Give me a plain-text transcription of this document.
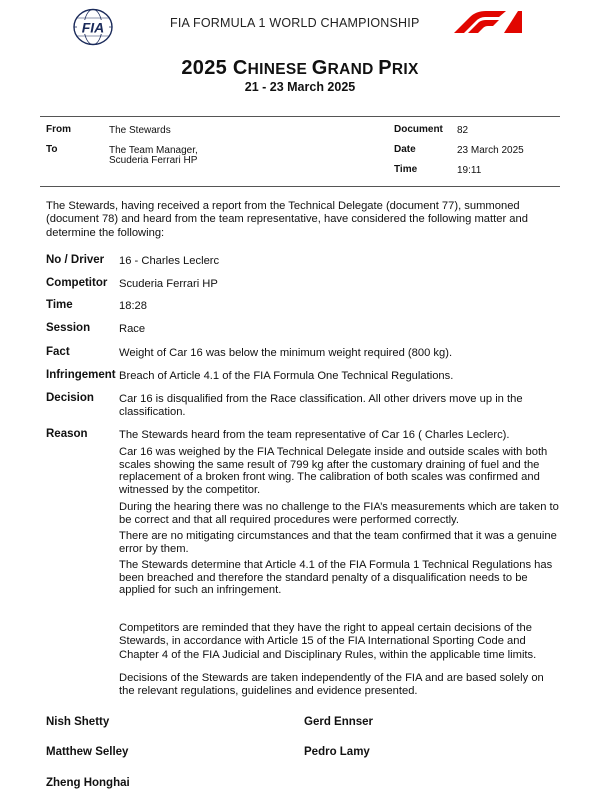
FIA	FIA FORMULA 1 WORLD CHAMPIONSHIP
2025 CHINESE GRAND PRIX
21 - 23 March 2025
From	The Stewards
To	The Team Manager,
Scuderia Ferrari HP
Document 82
Date	23 March 2025
Time	19:11
The Stewards, having received a report from the Technical Delegate (document 77), summoned (document 78) and heard from the team representative, have considered the following matter and determine the following:
No / Driver 16 - Charles Leclerc
Competitor Scuderia Ferrari HP
Time	18:28
Session	Race
Fact	Weight of Car 16 was below the minimum weight required (800 kg).
Infringement Breach of Article 4.1 of the FIA Formula One Technical Regulations.
Decision Car 16 is disqualified from the Race classification. All other drivers move up in the classification.
Reason	The Stewards heard from the team representative of Car 16 ( Charles Leclerc).
Car 16 was weighed by the FIA Technical Delegate inside and outside scales with both scales showing the same result of 799 kg after the customary draining of fuel and the replacement of a broken front wing. The calibration of both scales was confirmed and witnessed by the competitor.
During the hearing there was no challenge to the FIA’s measurements which are taken to be correct and that all required procedures were performed correctly.
There are no mitigating circumstances and that the team confirmed that it was a genuine error by them.
The Stewards determine that Article 4.1 of the FIA Formula 1 Technical Regulations has been breached and therefore the standard penalty of a disqualification needs to be applied for such an infringement.
Competitors are reminded that they have the right to appeal certain decisions of the Stewards, in accordance with Article 15 of the FIA International Sporting Code and Chapter 4 of the FIA Judicial and Disciplinary Rules, within the applicable time limits.
Decisions of the Stewards are taken independently of the FIA and are based solely on the relevant regulations, guidelines and evidence presented.
Nish Shetty	Gerd Ennser
Matthew Selley	Pedro Lamy
Zheng Honghai
